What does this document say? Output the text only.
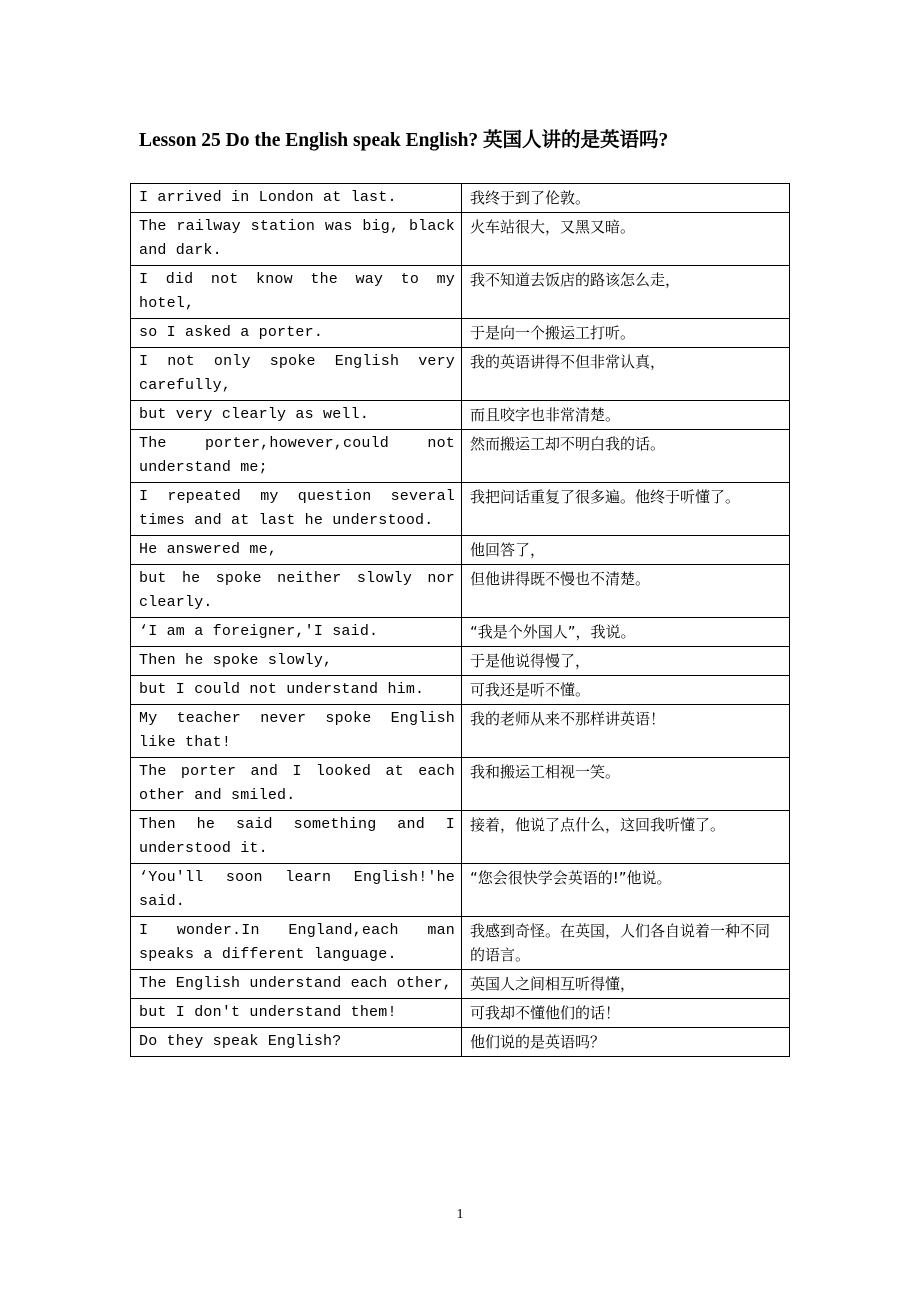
Lesson 25 Do the English speak English? 英国人讲的是英语吗?
I arrived in London at last.	我终于到了伦敦。
The railway station was big, black and dark.	火车站很大，又黑又暗。
I did not know the way to my hotel,	我不知道去饭店的路该怎么走，
so I asked a porter.	于是向一个搬运工打听。
I not only spoke English very carefully,	我的英语讲得不但非常认真，
but very clearly as well.	而且咬字也非常清楚。
The porter,however,could not understand me;	然而搬运工却不明白我的话。
I repeated my question several times and at last he understood.	我把问话重复了很多遍。他终于听懂了。
He answered me,	他回答了，
but he spoke neither slowly nor clearly.	但他讲得既不慢也不清楚。
‘I am a foreigner,'I said.	“我是个外国人”，我说。
Then he spoke slowly,	于是他说得慢了，
but I could not understand him.	可我还是听不懂。
My teacher never spoke English like that!	我的老师从来不那样讲英语！
The porter and I looked at each other and smiled.	我和搬运工相视一笑。
Then he said something and I understood it.	接着，他说了点什么，这回我听懂了。
‘You'll soon learn English!'he said.	“您会很快学会英语的!”他说。
I wonder.In England,each man speaks a different language.	我感到奇怪。在英国，人们各自说着一种不同的语言。
The English understand each other,	英国人之间相互听得懂，
but I don't understand them!	可我却不懂他们的话！
Do they speak English?	他们说的是英语吗？
1
